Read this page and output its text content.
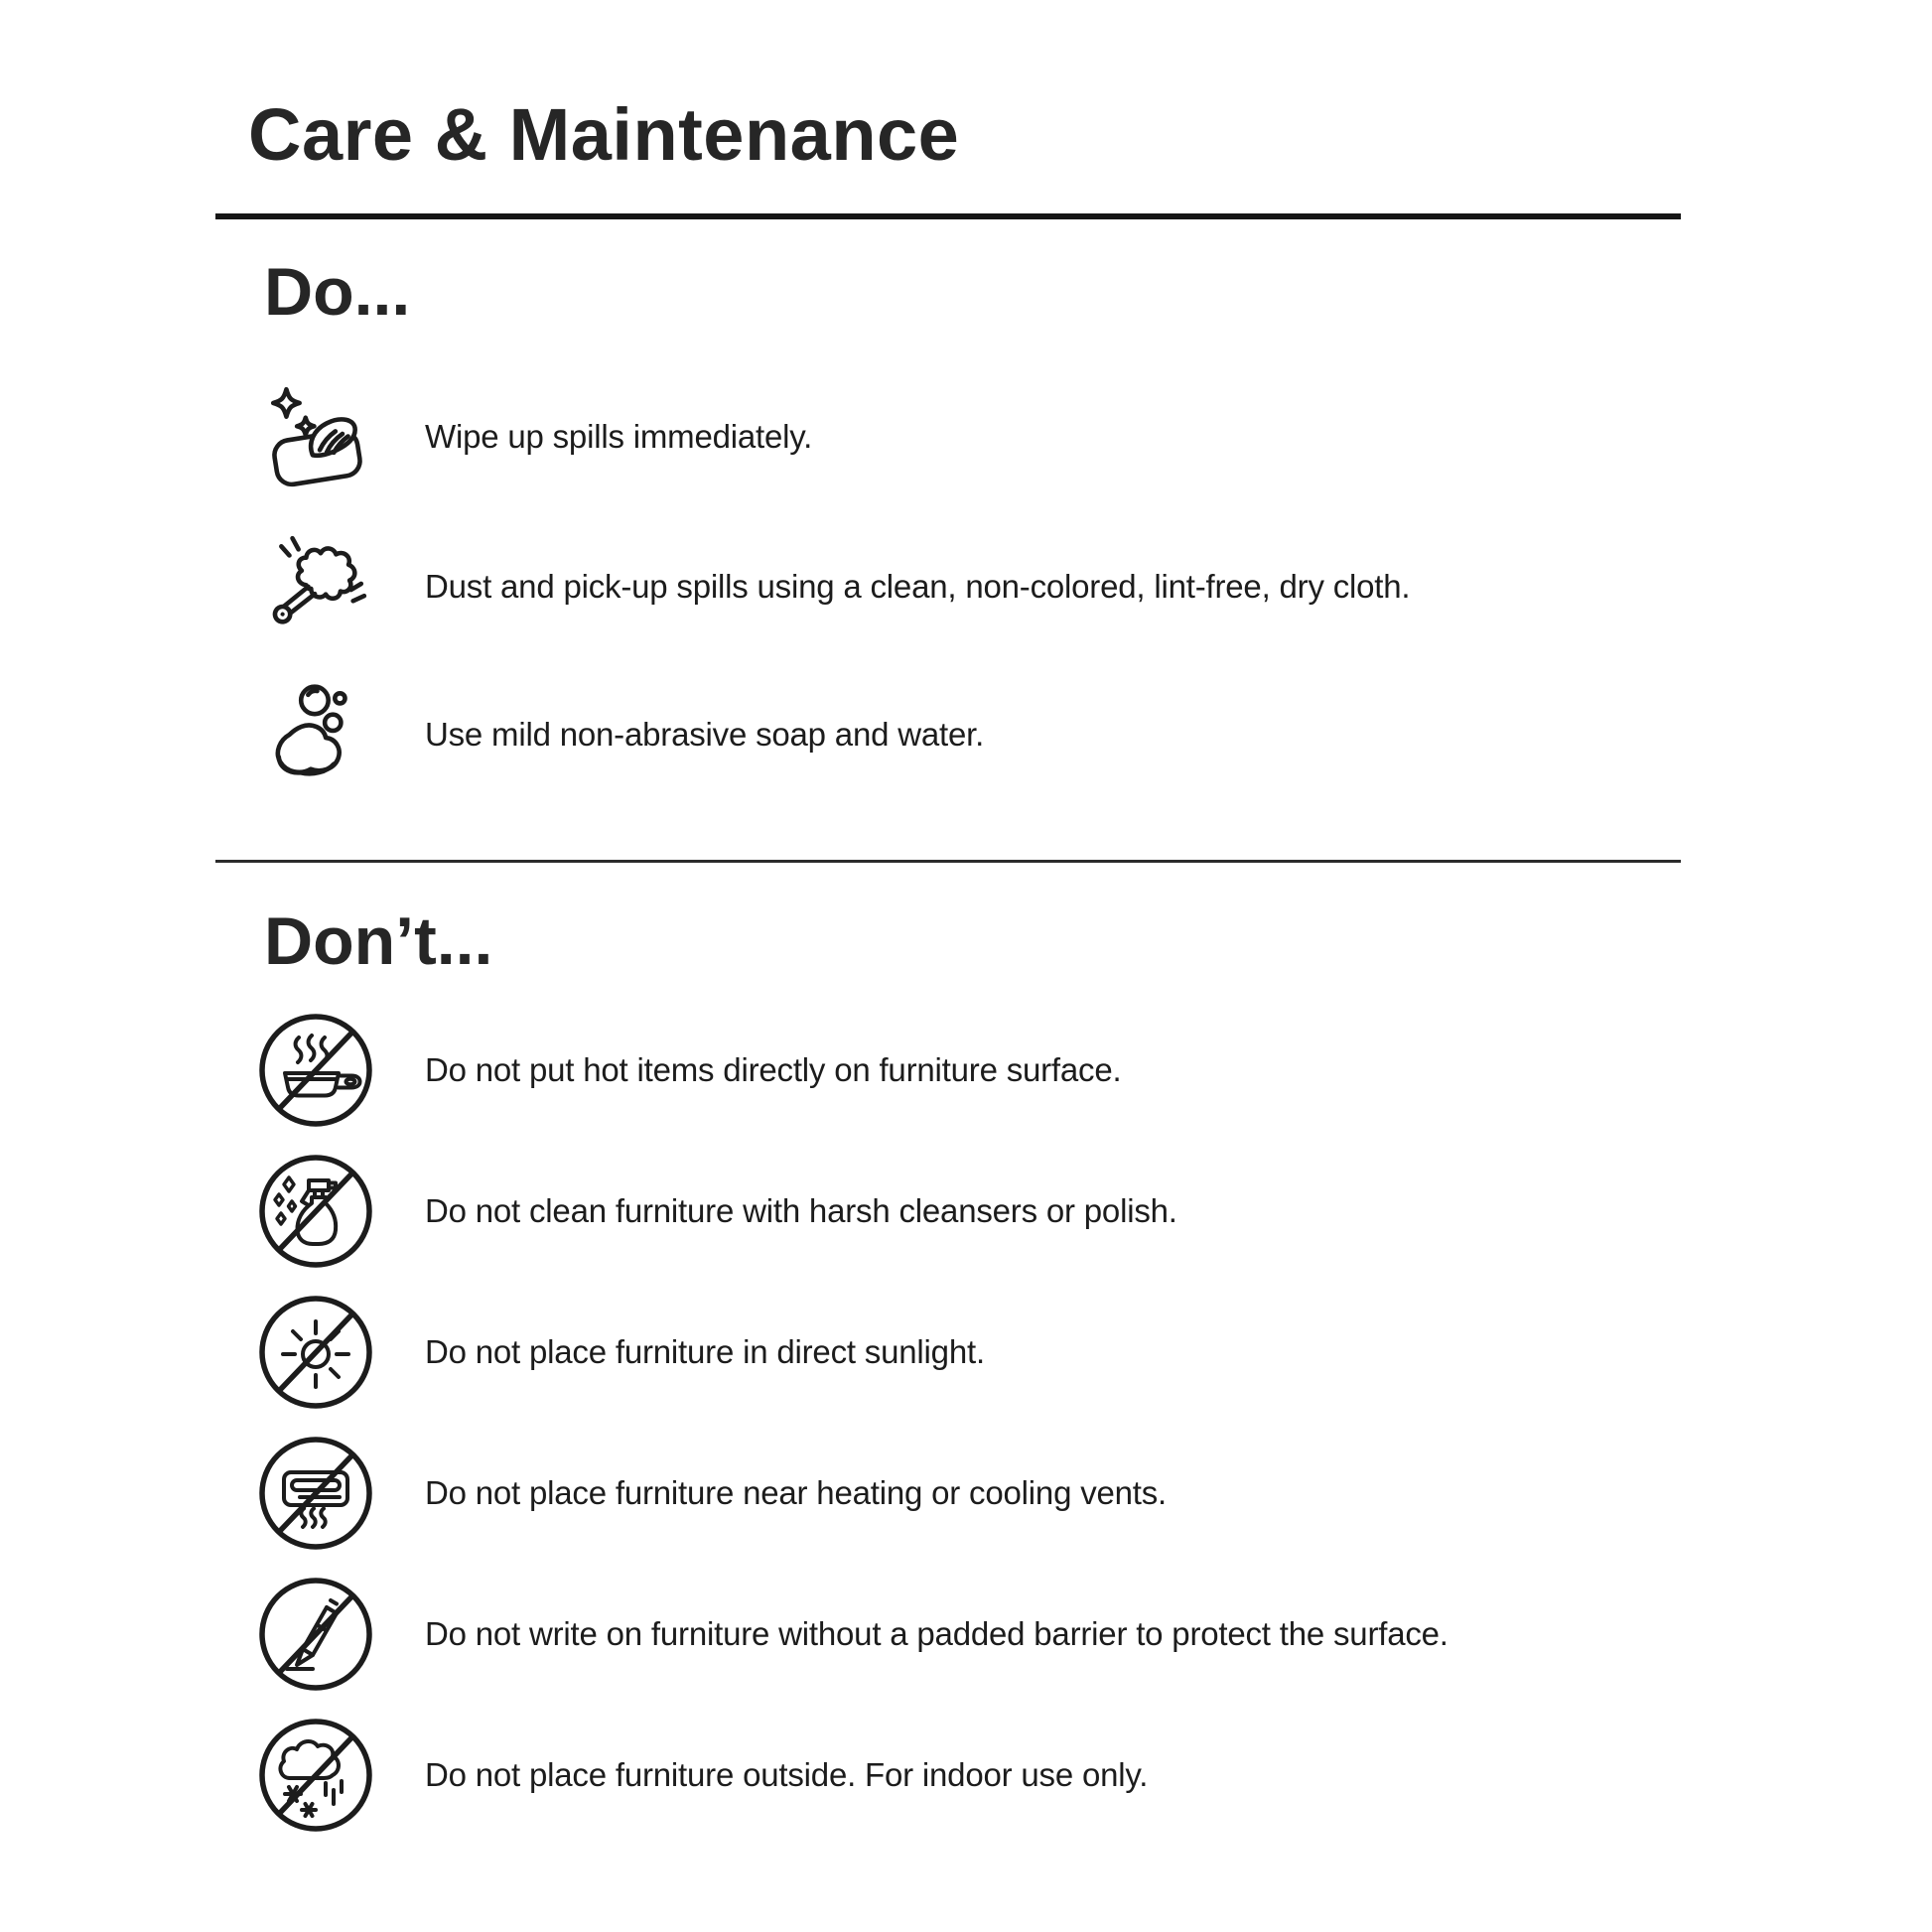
Care & Maintenance
Do...

Wipe up spills immediately.

Dust and pick-up spills using a clean, non-colored, lint-free, dry cloth.

Use mild non-abrasive soap and water.

Don’t...

Do not put hot items directly on furniture surface.

Do not clean furniture with harsh cleansers or polish.

Do not place furniture in direct sunlight.

Do not place furniture near heating or cooling vents.

Do not write on furniture without a padded barrier to protect the surface.

Do not place furniture outside. For indoor use only.
